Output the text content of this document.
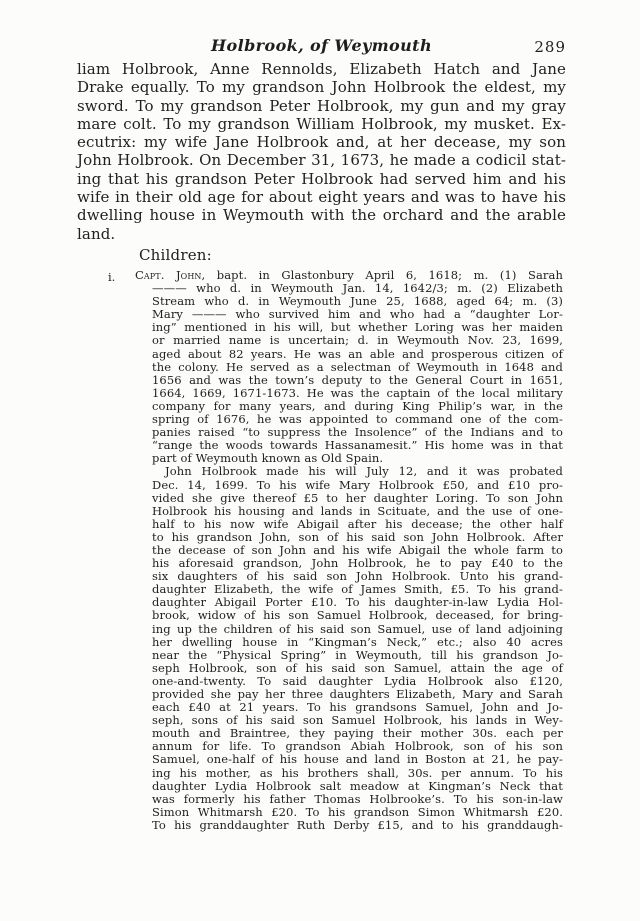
Holbrook, of Weymouth	289
liam Holbrook, Anne Rennolds, Elizabeth Hatch and Jane
Drake equally. To my grandson John Holbrook the eldest, my
sword. To my grandson Peter Holbrook, my gun and my gray
mare colt. To my grandson William Holbrook, my musket. Ex-
ecutrix: my wife Jane Holbrook and, at her decease, my son
John Holbrook. On December 31, 1673, he made a codicil stat-
ing that his grandson Peter Holbrook had served him and his
wife in their old age for about eight years and was to have his
dwelling house in Weymouth with the orchard and the arable
land.
Children:
i. Capt. John, bapt. in Glastonbury April 6, 1618; m. (1) Sarah
——— who d. in Weymouth Jan. 14, 1642/3; m. (2) Elizabeth
Stream who d. in Weymouth June 25, 1688, aged 64; m. (3)
Mary ——— who survived him and who had a “daughter Lor-
ing” mentioned in his will, but whether Loring was her maiden
or married name is uncertain; d. in Weymouth Nov. 23, 1699,
aged about 82 years. He was an able and prosperous citizen of
the colony. He served as a selectman of Weymouth in 1648 and
1656 and was the town’s deputy to the General Court in 1651,
1664, 1669, 1671-1673. He was the captain of the local military
company for many years, and during King Philip’s war, in the
spring of 1676, he was appointed to command one of the com-
panies raised “to suppress the Insolence” of the Indians and to
“range the woods towards Hassanamesit.” His home was in that
part of Weymouth known as Old Spain.
John Holbrook made his will July 12, and it was probated
Dec. 14, 1699. To his wife Mary Holbrook £50, and £10 pro-
vided she give thereof £5 to her daughter Loring. To son John
Holbrook his housing and lands in Scituate, and the use of one-
half to his now wife Abigail after his decease; the other half
to his grandson John, son of his said son John Holbrook. After
the decease of son John and his wife Abigail the whole farm to
his aforesaid grandson, John Holbrook, he to pay £40 to the
six daughters of his said son John Holbrook. Unto his grand-
daughter Elizabeth, the wife of James Smith, £5. To his grand-
daughter Abigail Porter £10. To his daughter-in-law Lydia Hol-
brook, widow of his son Samuel Holbrook, deceased, for bring-
ing up the children of his said son Samuel, use of land adjoining
her dwelling house in “Kingman’s Neck,” etc.; also 40 acres
near the “Physical Spring” in Weymouth, till his grandson Jo-
seph Holbrook, son of his said son Samuel, attain the age of
one-and-twenty. To said daughter Lydia Holbrook also £120,
provided she pay her three daughters Elizabeth, Mary and Sarah
each £40 at 21 years. To his grandsons Samuel, John and Jo-
seph, sons of his said son Samuel Holbrook, his lands in Wey-
mouth and Braintree, they paying their mother 30s. each per
annum for life. To grandson Abiah Holbrook, son of his son
Samuel, one-half of his house and land in Boston at 21, he pay-
ing his mother, as his brothers shall, 30s. per annum. To his
daughter Lydia Holbrook salt meadow at Kingman’s Neck that
was formerly his father Thomas Holbrooke’s. To his son-in-law
Simon Whitmarsh £20. To his grandson Simon Whitmarsh £20.
To his granddaughter Ruth Derby £15, and to his granddaugh-
